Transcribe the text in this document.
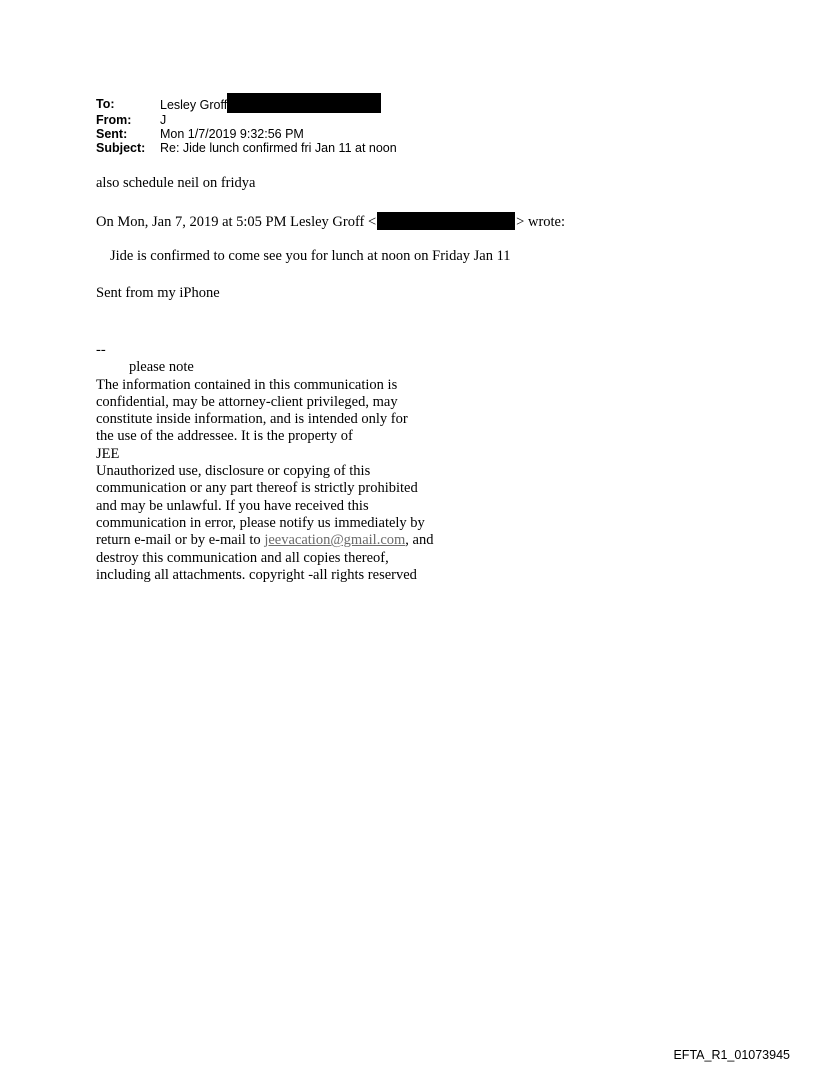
To:	Lesley Groff
From:	J
Sent:	Mon 1/7/2019 9:32:56 PM
Subject:	Re: Jide lunch confirmed fri Jan 11 at noon
also schedule neil on fridya
On Mon, Jan 7, 2019 at 5:05 PM Lesley Groff <	> wrote:
Jide is confirmed to come see you for lunch at noon on Friday Jan 11
Sent from my iPhone
--
please note
The information contained in this communication is
confidential, may be attorney-client privileged, may
constitute inside information, and is intended only for
the use of the addressee. It is the property of
JEE
Unauthorized use, disclosure or copying of this
communication or any part thereof is strictly prohibited
and may be unlawful. If you have received this
communication in error, please notify us immediately by
return e-mail or by e-mail to jeevacation@gmail.com, and
destroy this communication and all copies thereof,
including all attachments. copyright -all rights reserved
EFTA_R1_01073945
